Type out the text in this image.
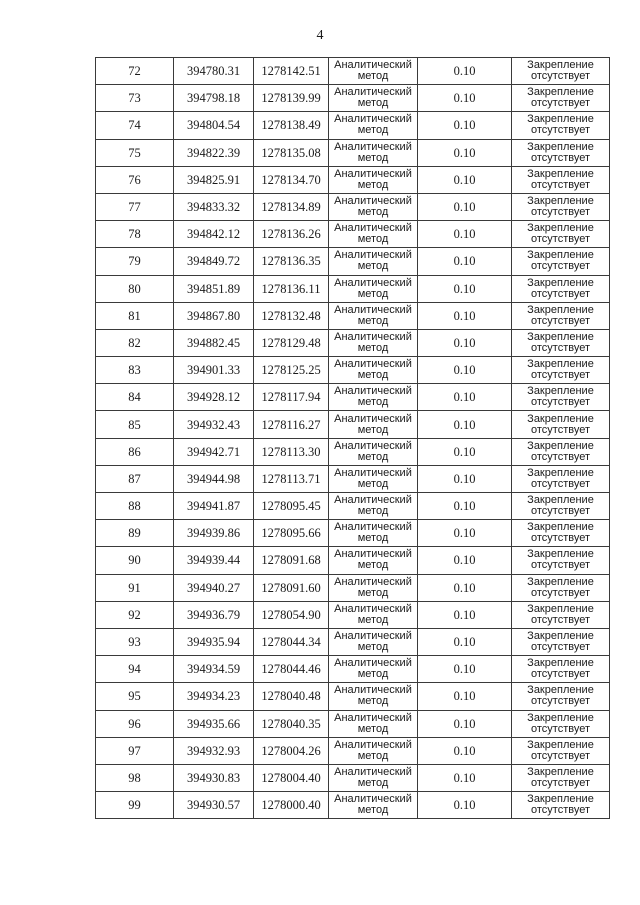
4
72	394780.31	1278142.51	Аналитический метод	0.10	Закрепление отсутствует
73	394798.18	1278139.99	Аналитический метод	0.10	Закрепление отсутствует
74	394804.54	1278138.49	Аналитический метод	0.10	Закрепление отсутствует
75	394822.39	1278135.08	Аналитический метод	0.10	Закрепление отсутствует
76	394825.91	1278134.70	Аналитический метод	0.10	Закрепление отсутствует
77	394833.32	1278134.89	Аналитический метод	0.10	Закрепление отсутствует
78	394842.12	1278136.26	Аналитический метод	0.10	Закрепление отсутствует
79	394849.72	1278136.35	Аналитический метод	0.10	Закрепление отсутствует
80	394851.89	1278136.11	Аналитический метод	0.10	Закрепление отсутствует
81	394867.80	1278132.48	Аналитический метод	0.10	Закрепление отсутствует
82	394882.45	1278129.48	Аналитический метод	0.10	Закрепление отсутствует
83	394901.33	1278125.25	Аналитический метод	0.10	Закрепление отсутствует
84	394928.12	1278117.94	Аналитический метод	0.10	Закрепление отсутствует
85	394932.43	1278116.27	Аналитический метод	0.10	Закрепление отсутствует
86	394942.71	1278113.30	Аналитический метод	0.10	Закрепление отсутствует
87	394944.98	1278113.71	Аналитический метод	0.10	Закрепление отсутствует
88	394941.87	1278095.45	Аналитический метод	0.10	Закрепление отсутствует
89	394939.86	1278095.66	Аналитический метод	0.10	Закрепление отсутствует
90	394939.44	1278091.68	Аналитический метод	0.10	Закрепление отсутствует
91	394940.27	1278091.60	Аналитический метод	0.10	Закрепление отсутствует
92	394936.79	1278054.90	Аналитический метод	0.10	Закрепление отсутствует
93	394935.94	1278044.34	Аналитический метод	0.10	Закрепление отсутствует
94	394934.59	1278044.46	Аналитический метод	0.10	Закрепление отсутствует
95	394934.23	1278040.48	Аналитический метод	0.10	Закрепление отсутствует
96	394935.66	1278040.35	Аналитический метод	0.10	Закрепление отсутствует
97	394932.93	1278004.26	Аналитический метод	0.10	Закрепление отсутствует
98	394930.83	1278004.40	Аналитический метод	0.10	Закрепление отсутствует
99	394930.57	1278000.40	Аналитический метод	0.10	Закрепление отсутствует
